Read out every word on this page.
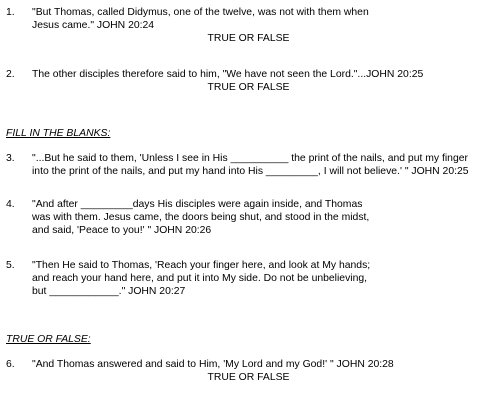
1.	"But Thomas, called Didymus, one of the twelve, was not with them when
Jesus came." JOHN 20:24
TRUE OR FALSE
2.	The other disciples therefore said to him, "We have not seen the Lord."...JOHN 20:25
TRUE OR FALSE
FILL IN THE BLANKS:
3.	"...But he said to them, 'Unless I see in His __________ the print of the nails, and put my finger
into the print of the nails, and put my hand into His _________, I will not believe.' " JOHN 20:25
4.	"And after _________days His disciples were again inside, and Thomas
was with them. Jesus came, the doors being shut, and stood in the midst,
and said, 'Peace to you!' " JOHN 20:26
5.	"Then He said to Thomas, 'Reach your finger here, and look at My hands;
and reach your hand here, and put it into My side. Do not be unbelieving,
but ____________." JOHN 20:27
TRUE OR FALSE:
6.	"And Thomas answered and said to Him, 'My Lord and my God!' " JOHN 20:28
TRUE OR FALSE
